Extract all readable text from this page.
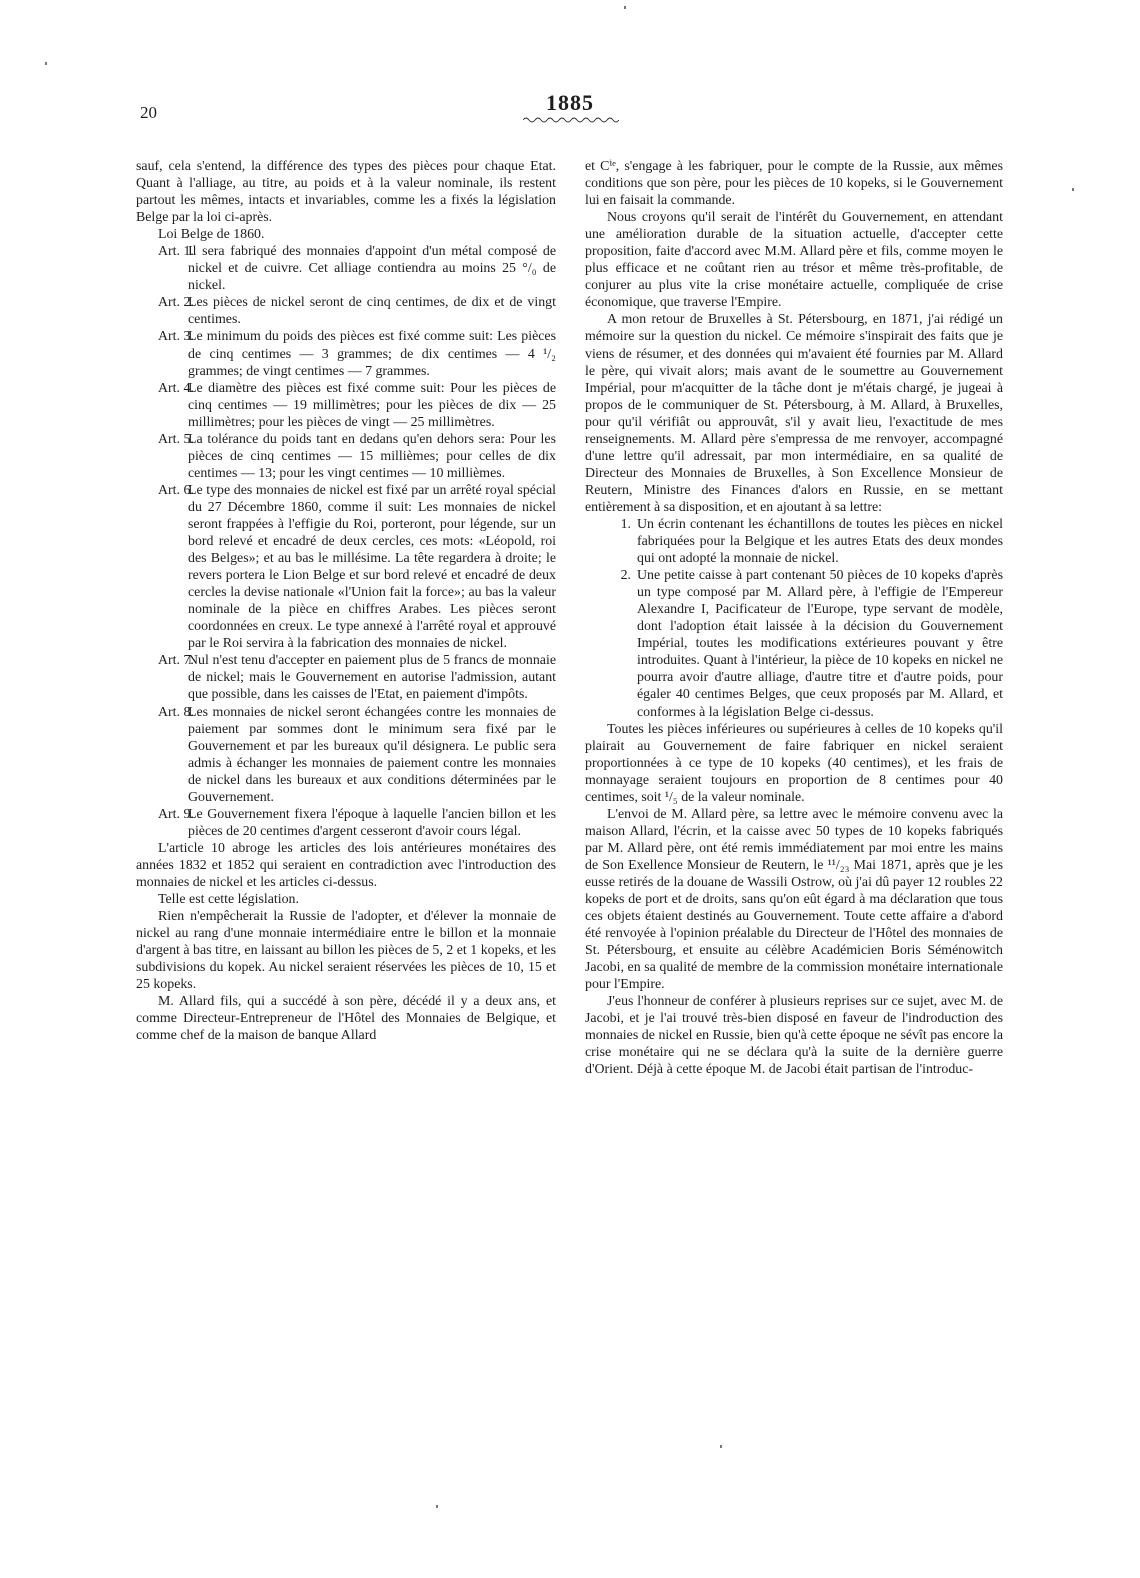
20	1885

sauf, cela s'entend, la différence des types des pièces pour chaque Etat. Quant à l'alliage, au titre, au poids et à la valeur nominale, ils restent partout les mêmes, intacts et invariables, comme les a fixés la législation Belge par la loi ci-après.

Loi Belge de 1860.

Art. 1.
Il sera fabriqué des monnaies d'appoint d'un métal composé de nickel et de cuivre. Cet alliage contiendra au moins 25 °/₀ de nickel.
Art. 2.
Les pièces de nickel seront de cinq centimes, de dix et de vingt centimes.
Art. 3.
Le minimum du poids des pièces est fixé comme suit: Les pièces de cinq centimes — 3 grammes; de dix centimes — 4 ¹/₂ grammes; de vingt centimes — 7 grammes.
Art. 4.
Le diamètre des pièces est fixé comme suit: Pour les pièces de cinq centimes — 19 millimètres; pour les pièces de dix — 25 millimètres; pour les pièces de vingt — 25 millimètres.
Art. 5.
La tolérance du poids tant en dedans qu'en dehors sera: Pour les pièces de cinq centimes — 15 millièmes; pour celles de dix centimes — 13; pour les vingt centimes — 10 millièmes.
Art. 6.
Le type des monnaies de nickel est fixé par un arrêté royal spécial du 27 Décembre 1860, comme il suit: Les monnaies de nickel seront frappées à l'effigie du Roi, porteront, pour légende, sur un bord relevé et encadré de deux cercles, ces mots: «Léopold, roi des Belges»; et au bas le millésime. La tête regardera à droite; le revers portera le Lion Belge et sur bord relevé et encadré de deux cercles la devise nationale «l'Union fait la force»; au bas la valeur nominale de la pièce en chiffres Arabes. Les pièces seront coordonnées en creux. Le type annexé à l'arrêté royal et approuvé par le Roi servira à la fabrication des monnaies de nickel.
Art. 7.
Nul n'est tenu d'accepter en paiement plus de 5 francs de monnaie de nickel; mais le Gouvernement en autorise l'admission, autant que possible, dans les caisses de l'Etat, en paiement d'impôts.
Art. 8.
Les monnaies de nickel seront échangées contre les monnaies de paiement par sommes dont le minimum sera fixé par le Gouvernement et par les bureaux qu'il désignera. Le public sera admis à échanger les monnaies de paiement contre les monnaies de nickel dans les bureaux et aux conditions déterminées par le Gouvernement.
Art. 9.
Le Gouvernement fixera l'époque à laquelle l'ancien billon et les pièces de 20 centimes d'argent cesseront d'avoir cours légal.

L'article 10 abroge les articles des lois antérieures monétaires des années 1832 et 1852 qui seraient en contradiction avec l'introduction des monnaies de nickel et les articles ci-dessus.

Telle est cette législation.

Rien n'empêcherait la Russie de l'adopter, et d'élever la monnaie de nickel au rang d'une monnaie intermédiaire entre le billon et la monnaie d'argent à bas titre, en laissant au billon les pièces de 5, 2 et 1 kopeks, et les subdivisions du kopek. Au nickel seraient réservées les pièces de 10, 15 et 25 kopeks.

M. Allard fils, qui a succédé à son père, décédé il y a deux ans, et comme Directeur-Entrepreneur de l'Hôtel des Monnaies de Belgique, et comme chef de la maison de banque Allard

et Cⁱᵉ, s'engage à les fabriquer, pour le compte de la Russie, aux mêmes conditions que son père, pour les pièces de 10 kopeks, si le Gouvernement lui en faisait la commande.

Nous croyons qu'il serait de l'intérêt du Gouvernement, en attendant une amélioration durable de la situation actuelle, d'accepter cette proposition, faite d'accord avec M.M. Allard père et fils, comme moyen le plus efficace et ne coûtant rien au trésor et même très-profitable, de conjurer au plus vite la crise monétaire actuelle, compliquée de crise économique, que traverse l'Empire.

A mon retour de Bruxelles à St. Pétersbourg, en 1871, j'ai rédigé un mémoire sur la question du nickel. Ce mémoire s'inspirait des faits que je viens de résumer, et des données qui m'avaient été fournies par M. Allard le père, qui vivait alors; mais avant de le soumettre au Gouvernement Impérial, pour m'acquitter de la tâche dont je m'étais chargé, je jugeai à propos de le communiquer de St. Pétersbourg, à M. Allard, à Bruxelles, pour qu'il vérifiât ou approuvât, s'il y avait lieu, l'exactitude de mes renseignements. M. Allard père s'empressa de me renvoyer, accompagné d'une lettre qu'il adressait, par mon intermédiaire, en sa qualité de Directeur des Monnaies de Bruxelles, à Son Excellence Monsieur de Reutern, Ministre des Finances d'alors en Russie, en se mettant entièrement à sa disposition, et en ajoutant à sa lettre:

1. Un écrin contenant les échantillons de toutes les pièces en nickel fabriquées pour la Belgique et les autres Etats des deux mondes qui ont adopté la monnaie de nickel.
2. Une petite caisse à part contenant 50 pièces de 10 kopeks d'après un type composé par M. Allard père, à l'effigie de l'Empereur Alexandre I, Pacificateur de l'Europe, type servant de modèle, dont l'adoption était laissée à la décision du Gouvernement Impérial, toutes les modifications extérieures pouvant y être introduites. Quant à l'intérieur, la pièce de 10 kopeks en nickel ne pourra avoir d'autre alliage, d'autre titre et d'autre poids, pour égaler 40 centimes Belges, que ceux proposés par M. Allard, et conformes à la législation Belge ci-dessus.

Toutes les pièces inférieures ou supérieures à celles de 10 kopeks qu'il plairait au Gouvernement de faire fabriquer en nickel seraient proportionnées à ce type de 10 kopeks (40 centimes), et les frais de monnayage seraient toujours en proportion de 8 centimes pour 40 centimes, soit ¹/₅ de la valeur nominale.

L'envoi de M. Allard père, sa lettre avec le mémoire convenu avec la maison Allard, l'écrin, et la caisse avec 50 types de 10 kopeks fabriqués par M. Allard père, ont été remis immédiatement par moi entre les mains de Son Exellence Monsieur de Reutern, le ¹¹/₂₃ Mai 1871, après que je les eusse retirés de la douane de Wassili Ostrow, où j'ai dû payer 12 roubles 22 kopeks de port et de droits, sans qu'on eût égard à ma déclaration que tous ces objets étaient destinés au Gouvernement. Toute cette affaire a d'abord été renvoyée à l'opinion préalable du Directeur de l'Hôtel des monnaies de St. Pétersbourg, et ensuite au célèbre Académicien Boris Séménowitch Jacobi, en sa qualité de membre de la commission monétaire internationale pour l'Empire.

J'eus l'honneur de conférer à plusieurs reprises sur ce sujet, avec M. de Jacobi, et je l'ai trouvé très-bien disposé en faveur de l'indroduction des monnaies de nickel en Russie, bien qu'à cette époque ne sévît pas encore la crise monétaire qui ne se déclara qu'à la suite de la dernière guerre d'Orient. Déjà à cette époque M. de Jacobi était partisan de l'introduc-
